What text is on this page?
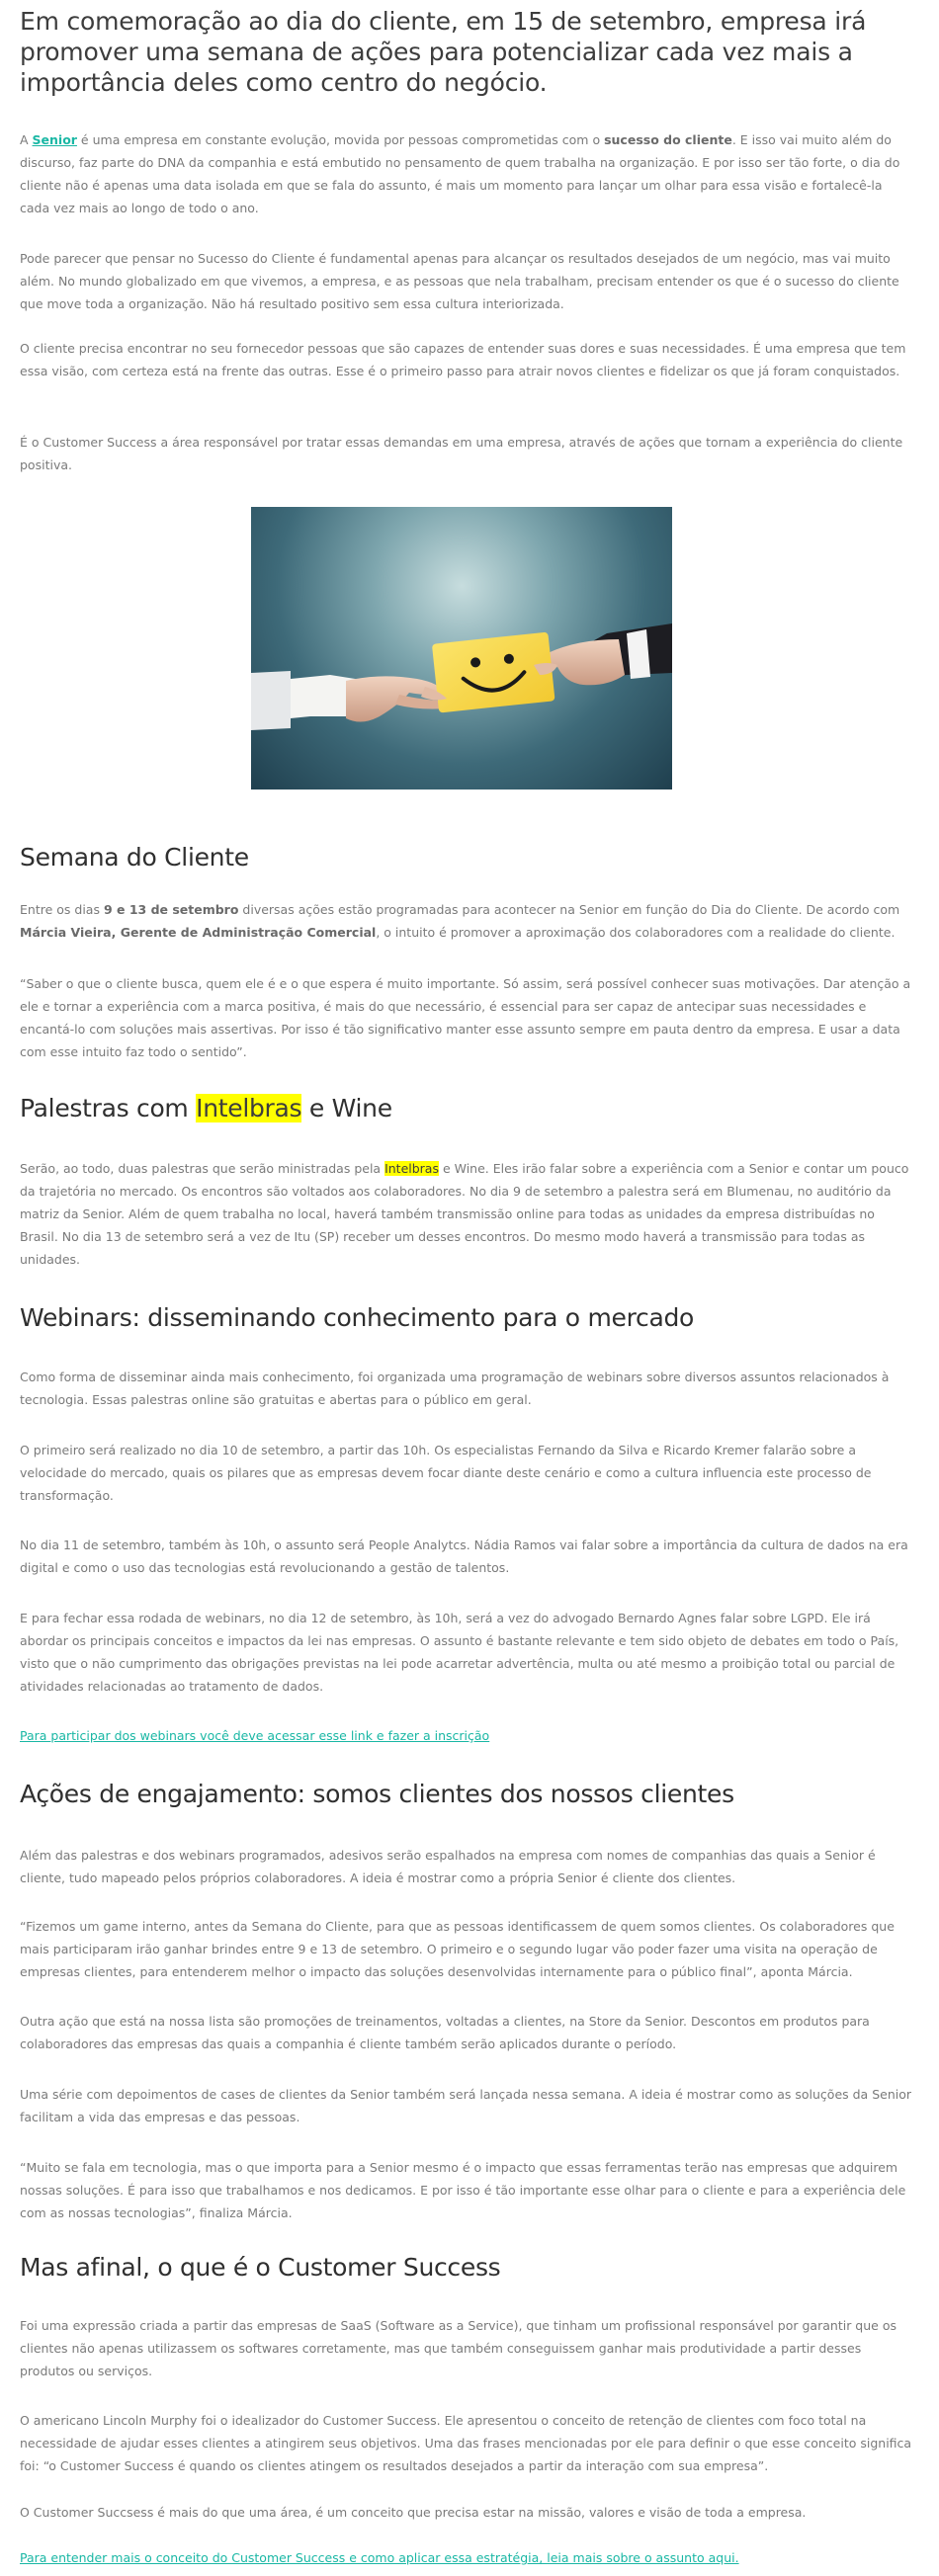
Em comemoração ao dia do cliente, em 15 de setembro, empresa irá promover uma semana de ações para potencializar cada vez mais a importância deles como centro do negócio.

A Senior é uma empresa em constante evolução, movida por pessoas comprometidas com o sucesso do cliente. E isso vai muito além do discurso, faz parte do DNA da companhia e está embutido no pensamento de quem trabalha na organização. E por isso ser tão forte, o dia do cliente não é apenas uma data isolada em que se fala do assunto, é mais um momento para lançar um olhar para essa visão e fortalecê-la cada vez mais ao longo de todo o ano.

Pode parecer que pensar no Sucesso do Cliente é fundamental apenas para alcançar os resultados desejados de um negócio, mas vai muito além. No mundo globalizado em que vivemos, a empresa, e as pessoas que nela trabalham, precisam entender os que é o sucesso do cliente que move toda a organização. Não há resultado positivo sem essa cultura interiorizada.

O cliente precisa encontrar no seu fornecedor pessoas que são capazes de entender suas dores e suas necessidades. É uma empresa que tem essa visão, com certeza está na frente das outras. Esse é o primeiro passo para atrair novos clientes e fidelizar os que já foram conquistados.

É o Customer Success a área responsável por tratar essas demandas em uma empresa, através de ações que tornam a experiência do cliente positiva.

Semana do Cliente

Entre os dias 9 e 13 de setembro diversas ações estão programadas para acontecer na Senior em função do Dia do Cliente. De acordo com Márcia Vieira, Gerente de Administração Comercial, o intuito é promover a aproximação dos colaboradores com a realidade do cliente.

“Saber o que o cliente busca, quem ele é e o que espera é muito importante. Só assim, será possível conhecer suas motivações. Dar atenção a ele e tornar a experiência com a marca positiva, é mais do que necessário, é essencial para ser capaz de antecipar suas necessidades e encantá-lo com soluções mais assertivas. Por isso é tão significativo manter esse assunto sempre em pauta dentro da empresa. E usar a data com esse intuito faz todo o sentido”.

Palestras com Intelbras e Wine

Serão, ao todo, duas palestras que serão ministradas pela Intelbras e Wine. Eles irão falar sobre a experiência com a Senior e contar um pouco da trajetória no mercado. Os encontros são voltados aos colaboradores. No dia 9 de setembro a palestra será em Blumenau, no auditório da matriz da Senior. Além de quem trabalha no local, haverá também transmissão online para todas as unidades da empresa distribuídas no Brasil. No dia 13 de setembro será a vez de Itu (SP) receber um desses encontros. Do mesmo modo haverá a transmissão para todas as unidades.

Webinars: disseminando conhecimento para o mercado

Como forma de disseminar ainda mais conhecimento, foi organizada uma programação de webinars sobre diversos assuntos relacionados à tecnologia. Essas palestras online são gratuitas e abertas para o público em geral.

O primeiro será realizado no dia 10 de setembro, a partir das 10h. Os especialistas Fernando da Silva e Ricardo Kremer falarão sobre a velocidade do mercado, quais os pilares que as empresas devem focar diante deste cenário e como a cultura influencia este processo de transformação.

No dia 11 de setembro, também às 10h, o assunto será People Analytcs. Nádia Ramos vai falar sobre a importância da cultura de dados na era digital e como o uso das tecnologias está revolucionando a gestão de talentos.

E para fechar essa rodada de webinars, no dia 12 de setembro, às 10h, será a vez do advogado Bernardo Agnes falar sobre LGPD. Ele irá abordar os principais conceitos e impactos da lei nas empresas. O assunto é bastante relevante e tem sido objeto de debates em todo o País, visto que o não cumprimento das obrigações previstas na lei pode acarretar advertência, multa ou até mesmo a proibição total ou parcial de atividades relacionadas ao tratamento de dados.

Para participar dos webinars você deve acessar esse link e fazer a inscrição

Ações de engajamento: somos clientes dos nossos clientes

Além das palestras e dos webinars programados, adesivos serão espalhados na empresa com nomes de companhias das quais a Senior é cliente, tudo mapeado pelos próprios colaboradores. A ideia é mostrar como a própria Senior é cliente dos clientes.

“Fizemos um game interno, antes da Semana do Cliente, para que as pessoas identificassem de quem somos clientes. Os colaboradores que mais participaram irão ganhar brindes entre 9 e 13 de setembro. O primeiro e o segundo lugar vão poder fazer uma visita na operação de empresas clientes, para entenderem melhor o impacto das soluções desenvolvidas internamente para o público final”, aponta Márcia.

Outra ação que está na nossa lista são promoções de treinamentos, voltadas a clientes, na Store da Senior. Descontos em produtos para colaboradores das empresas das quais a companhia é cliente também serão aplicados durante o período.

Uma série com depoimentos de cases de clientes da Senior também será lançada nessa semana. A ideia é mostrar como as soluções da Senior facilitam a vida das empresas e das pessoas.

“Muito se fala em tecnologia, mas o que importa para a Senior mesmo é o impacto que essas ferramentas terão nas empresas que adquirem nossas soluções. É para isso que trabalhamos e nos dedicamos. E por isso é tão importante esse olhar para o cliente e para a experiência dele com as nossas tecnologias”, finaliza Márcia.

Mas afinal, o que é o Customer Success

Foi uma expressão criada a partir das empresas de SaaS (Software as a Service), que tinham um profissional responsável por garantir que os clientes não apenas utilizassem os softwares corretamente, mas que também conseguissem ganhar mais produtividade a partir desses produtos ou serviços.

O americano Lincoln Murphy foi o idealizador do Customer Success. Ele apresentou o conceito de retenção de clientes com foco total na necessidade de ajudar esses clientes a atingirem seus objetivos. Uma das frases mencionadas por ele para definir o que esse conceito significa foi: “o Customer Success é quando os clientes atingem os resultados desejados a partir da interação com sua empresa”.

O Customer Succsess é mais do que uma área, é um conceito que precisa estar na missão, valores e visão de toda a empresa.

Para entender mais o conceito do Customer Success e como aplicar essa estratégia, leia mais sobre o assunto aqui.
